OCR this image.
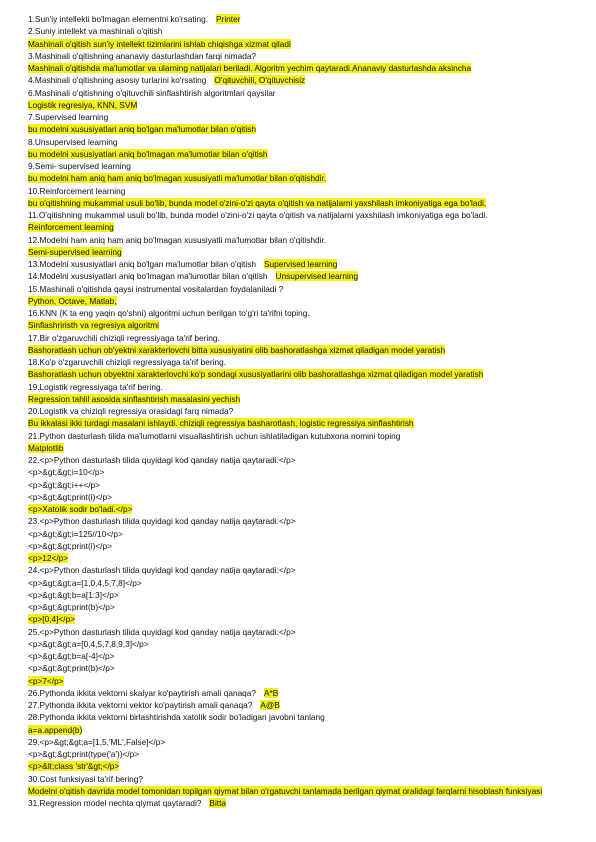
1.Sun'iy intellekti bo'lmagan elementni ko'rsating. Printer
2.Suniy intellekt va mashinali o'qitish
Mashinali o'qitish sun'iy intellekt tizimlarini ishlab chiqishga xizmat qiladi
3.Mashinali o'qitishning ananaviy dasturlashdan farqi nimada?
Mashinali o'qitishda ma'lumotlar va ularning natijalari beriladi. Algoritm yechim qaytaradi.Ananaviy dasturlashda aksincha
4.Mashinali o'qitishning asosiy turlarini ko'rsating O'qituvchili, O'qituvchisiz
6.Mashinali o'qitishning o'qituvchili sinflashtirish algoritmlari qaysilar
Logistik regresiya, KNN, SVM
7.Supervised learning
bu modelni xususiyatlari aniq bo'lgan ma'lumotlar bilan o'qitish
8.Unsupervised learning
bu modelni xususiyatlari aniq bo'lmagan ma'lumotlar bilan o'qitish
9.Semi- supervised learning
bu modelni ham aniq ham aniq bo'lmagan xususiyatli ma'lumotlar bilan o'qitishdir.
10.Reinforcement learning
bu o'qitishning mukammal usuli bo'lib, bunda model o'zini-o'zi qayta o'qitish va natijalarni yaxshilash imkoniyatiga ega bo'ladi.
11.O'qitishning mukammal usuli bo'lib, bunda model o'zini-o'zi qayta o'qitish va natijalarni yaxshilash imkoniyatiga ega bo'ladi.
Reinforcement learning
12.Modelni ham aniq ham aniq bo'lmagan xususiyatli ma'lumotlar bilan o'qitishdir.
Semi-supervised learning
13.Modelni xususiyatlari aniq bo'lgan ma'lumotlar bilan o'qitish Supervised learning
14.Modelni xususiyatlari aniq bo'lmagan ma'lumotlar bilan o'qitish Unsupervised learning
15.Mashinali o'qitishda qaysi instrumental vositalardan foydalaniladi ?
Python, Octave, Matlab,
16.KNN (K ta eng yaqin qo'shni) algoritmi uchun berilgan to'g'ri ta'rifni toping.
Sinflashriristh va regresiya algoritmi
17.Bir o'zgaruvchili chiziqli regressiyaga ta'rif bering.
Bashoratlash uchun ob'yektni xarakterlovchi bitta xususiyatini olib bashoratlashga xizmat qiladigan model yaratish
18.Ko'p o'zgaruvchili chiziqli regressiyaga ta'rif bering.
Bashoratlash uchun obyektni xarakterlovchi ko'p sondagi xususiyatlarini olib bashoratlashga xizmat qiladigan model yaratish
19.Logistik regressiyaga ta'rif bering.
Regression tahlil asosida sinflashtirish masalasini yechish
20.Logistik va chiziqli regressiya orasidagi farq nimada?
Bu ikkalasi ikki turdagi masalani ishlaydi. chiziqli regressiya basharotlash, logistic regressiya sinflashtirish
21.Python dasturlash tilida ma'lumotlarni visuallashtirish uchun ishlatiladigan kutubxona nomini toping
Matplotlib
22.<p>Python dasturlash tilida quyidagi kod qanday natija qaytaradi:</p>
<p>&gt;&gt;i=10</p>
<p>&gt;&gt;i++</p>
<p>&gt;&gt;print(i)</p>
<p>Xatolik sodir bo'ladi.</p>
23.<p>Python dasturlash tilida quyidagi kod qanday natija qaytaradi:</p>
<p>&gt;&gt;i=125//10</p>
<p>&gt;&gt;print(i)</p>
<p>12</p>
24.<p>Python dasturlash tilida quyidagi kod qanday natija qaytaradi:</p>
<p>&gt;&gt;a=[1,0,4,5,7,8]</p>
<p>&gt;&gt;b=a[1:3]</p>
<p>&gt;&gt;print(b)</p>
<p>[0,4]</p>
25.<p>Python dasturlash tilida quyidagi kod qanday natija qaytaradi:</p>
<p>&gt;&gt;a=[0,4,5,7,8,9,3]</p>
<p>&gt;&gt;b=a[-4]</p>
<p>&gt;&gt;print(b)</p>
<p>7</p>
26.Pythonda ikkita vektorni skalyar ko'paytirish amali qanaqa? A*B
27.Pythonda ikkita vektorni vektor ko'paytirish amali qanaqa? A@B
28.Pythonda ikkita vektorni birlashtirishda xatolik sodir bo'ladigan javobni tanlang
a=a.append(b)
29.<p>&gt;&gt;a=[1,5,'ML',False]</p>
<p>&gt;&gt;print(type('a'))</p>
<p>&lt;class 'str'&gt;</p>
30.Cost funksiyasi ta'rif bering?
Modelni o'qitish davrida model tomonidan topilgan qiymat bilan o'rgatuvchi tanlamada berilgan qiymat oralidagi farqlarni hisoblash funksiyasi
31.Regression model nechta qiymat qaytaradi? Bitta
